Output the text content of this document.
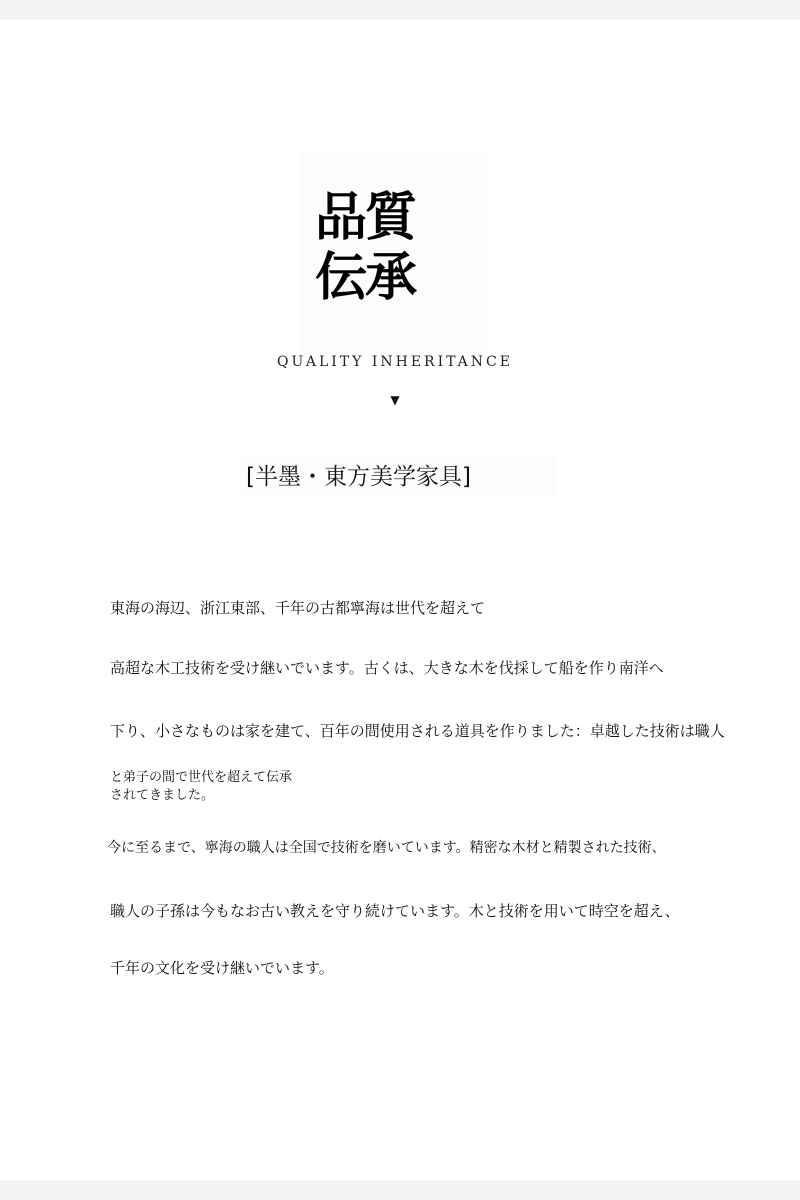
品質
伝承
QUALITY INHERITANCE
▼
[半墨・東方美学家具]
東海の海辺、浙江東部、千年の古都寧海は世代を超えて
高超な木工技術を受け継いでいます。古くは、大きな木を伐採して船を作り南洋へ
下り、小さなものは家を建て、百年の間使用される道具を作りました：卓越した技術は職人
と弟子の間で世代を超えて伝承
されてきました。
今に至るまで、寧海の職人は全国で技術を磨いています。精密な木材と精製された技術、
職人の子孫は今もなお古い教えを守り続けています。木と技術を用いて時空を超え、
千年の文化を受け継いでいます。
